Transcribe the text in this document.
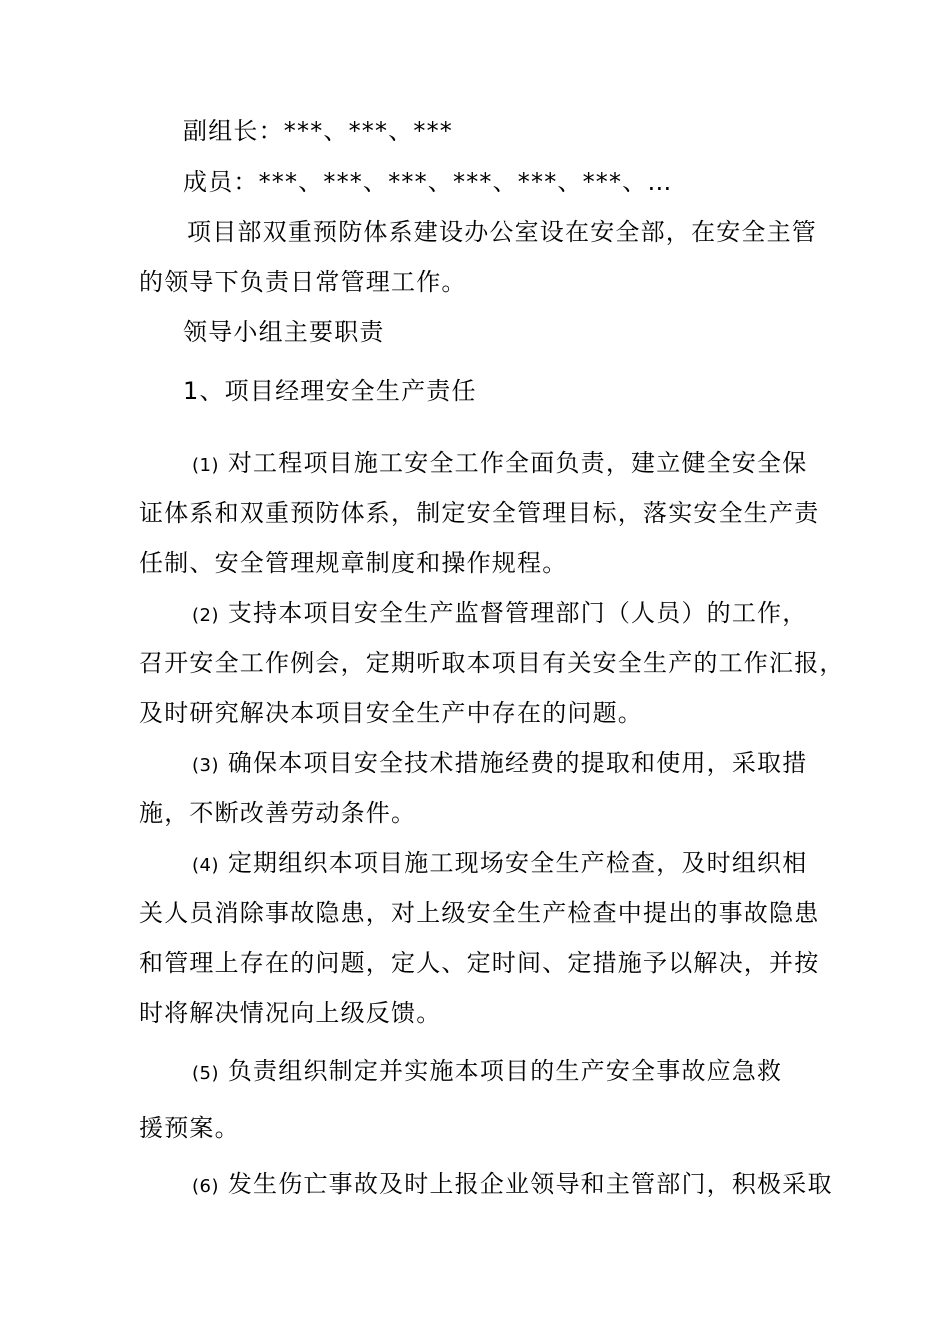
副组长：***、***、***

成员：***、***、***、***、***、***、…

项目部双重预防体系建设办公室设在安全部，在安全主管

的领导下负责日常管理工作。

领导小组主要职责

1、项目经理安全生产责任

(1) 对工程项目施工安全工作全面负责，建立健全安全保

证体系和双重预防体系，制定安全管理目标，落实安全生产责

任制、安全管理规章制度和操作规程。

(2) 支持本项目安全生产监督管理部门（人员）的工作，

召开安全工作例会，定期听取本项目有关安全生产的工作汇报，

及时研究解决本项目安全生产中存在的问题。

(3) 确保本项目安全技术措施经费的提取和使用，采取措

施，不断改善劳动条件。

(4) 定期组织本项目施工现场安全生产检查，及时组织相

关人员消除事故隐患，对上级安全生产检查中提出的事故隐患

和管理上存在的问题，定人、定时间、定措施予以解决，并按

时将解决情况向上级反馈。

(5) 负责组织制定并实施本项目的生产安全事故应急救

援预案。

(6) 发生伤亡事故及时上报企业领导和主管部门，积极采取
